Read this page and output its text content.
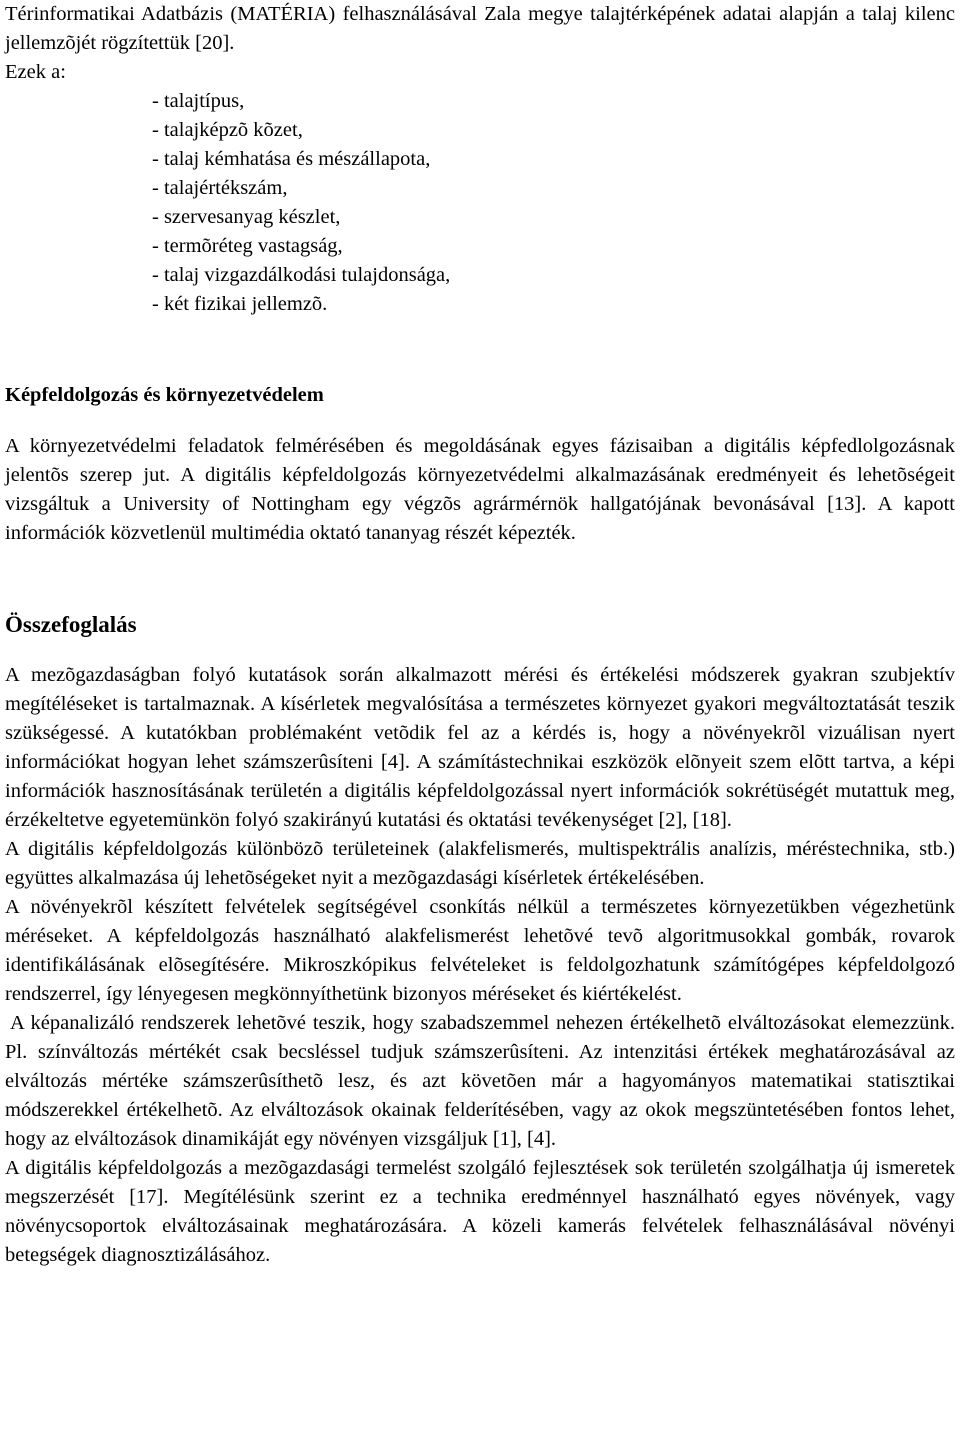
Térinformatikai Adatbázis (MATÉRIA) felhasználásával Zala megye talajtérképének adatai alapján a talaj kilenc jellemzõjét rögzítettük [20].

Ezek a:

- talajtípus,
- talajképzõ kõzet,
- talaj kémhatása és mészállapota,
- talajértékszám,
- szervesanyag készlet,
- termõréteg vastagság,
- talaj vizgazdálkodási tulajdonsága,
- két fizikai jellemzõ.
Képfeldolgozás és környezetvédelem

A környezetvédelmi feladatok felmérésében és megoldásának egyes fázisaiban a digitális képfedlolgozásnak jelentõs szerep jut. A digitális képfeldolgozás környezetvédelmi alkalmazásának eredményeit és lehetõségeit vizsgáltuk a University of Nottingham egy végzõs agrármérnök hallgatójának bevonásával [13]. A kapott információk közvetlenül multimédia oktató tananyag részét képezték.

Összefoglalás

A mezõgazdaságban folyó kutatások során alkalmazott mérési és értékelési módszerek gyakran szubjektív megítéléseket is tartalmaznak. A kísérletek megvalósítása a természetes környezet gyakori megváltoztatását teszik szükségessé. A kutatókban problémaként vetõdik fel az a kérdés is, hogy a növényekrõl vizuálisan nyert információkat hogyan lehet számszerûsíteni [4]. A számítástechnikai eszközök elõnyeit szem elõtt tartva, a képi információk hasznosításának területén a digitális képfeldolgozással nyert információk sokrétüségét mutattuk meg, érzékeltetve egyetemünkön folyó szakirányú kutatási és oktatási tevékenységet [2], [18].

A digitális képfeldolgozás különbözõ területeinek (alakfelismerés, multispektrális analízis, méréstechnika, stb.) együttes alkalmazása új lehetõségeket nyit a mezõgazdasági kísérletek értékelésében.

A növényekrõl készített felvételek segítségével csonkítás nélkül a természetes környezetükben végezhetünk méréseket. A képfeldolgozás használható alakfelismerést lehetõvé tevõ algoritmusokkal gombák, rovarok identifikálásának elõsegítésére. Mikroszkópikus felvételeket is feldolgozhatunk számítógépes képfeldolgozó rendszerrel, így lényegesen megkönnyíthetünk bizonyos méréseket és kiértékelést.

A képanalizáló rendszerek lehetõvé teszik, hogy szabadszemmel nehezen értékelhetõ elváltozásokat elemezzünk. Pl. színváltozás mértékét csak becsléssel tudjuk számszerûsíteni. Az intenzitási értékek meghatározásával az elváltozás mértéke számszerûsíthetõ lesz, és azt követõen már a hagyományos matematikai statisztikai módszerekkel értékelhetõ. Az elváltozások okainak felderítésében, vagy az okok megszüntetésében fontos lehet, hogy az elváltozások dinamikáját egy növényen vizsgáljuk [1], [4].

A digitális képfeldolgozás a mezõgazdasági termelést szolgáló fejlesztések sok területén szolgálhatja új ismeretek megszerzését [17]. Megítélésünk szerint ez a technika eredménnyel használható egyes növények, vagy növénycsoportok elváltozásainak meghatározására. A közeli kamerás felvételek felhasználásával növényi betegségek diagnosztizálásához.
